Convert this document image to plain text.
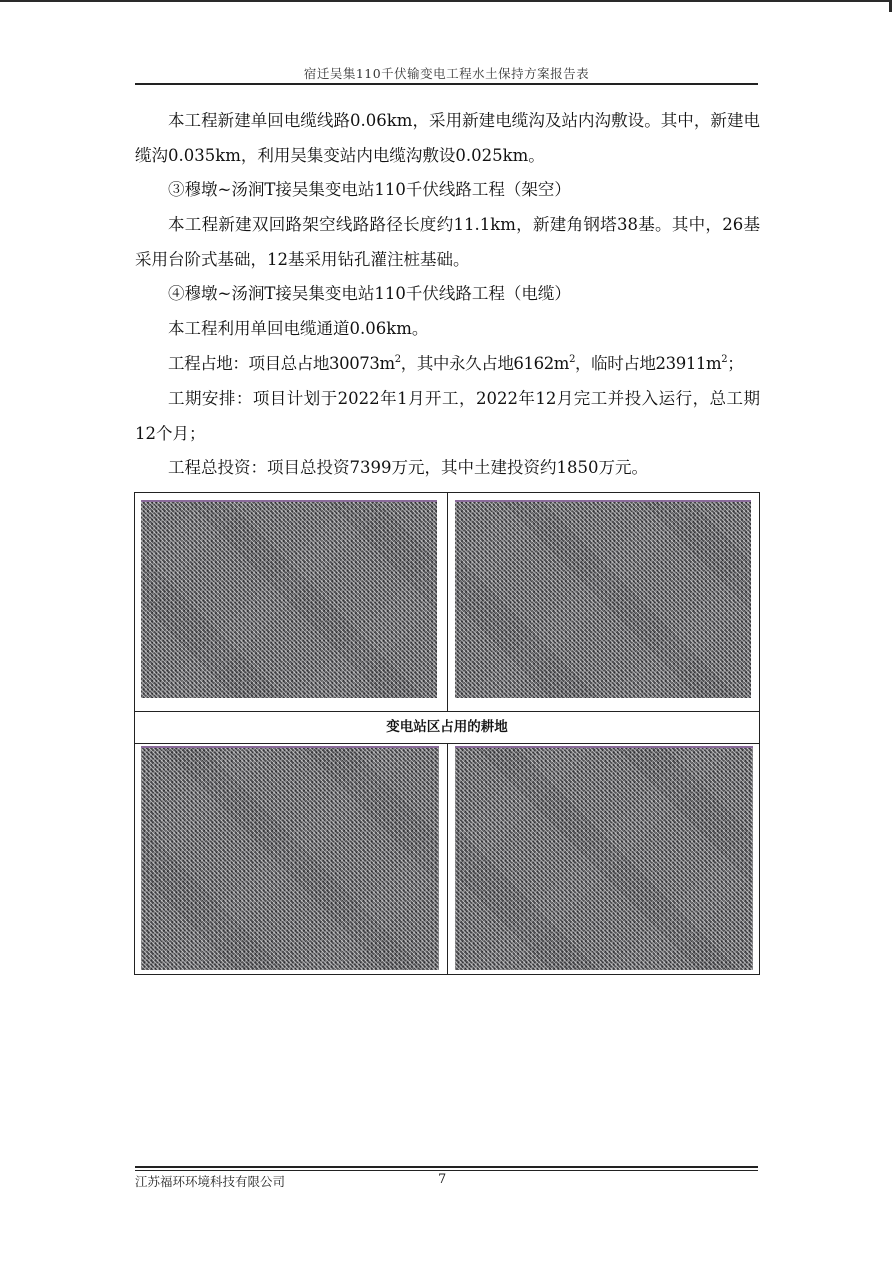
宿迁吴集110千伏输变电工程水土保持方案报告表

本工程新建单回电缆线路0.06km，采用新建电缆沟及站内沟敷设。其中，新建电缆沟0.035km，利用吴集变站内电缆沟敷设0.025km。

③穆墩~汤涧T接吴集变电站110千伏线路工程（架空）

本工程新建双回路架空线路路径长度约11.1km，新建角钢塔38基。其中，26基采用台阶式基础，12基采用钻孔灌注桩基础。

④穆墩~汤涧T接吴集变电站110千伏线路工程（电缆）

本工程利用单回电缆通道0.06km。

工程占地：项目总占地$30073m^2$，其中永久占地$6162m^2$，临时占地$23911m^2$；

工期安排：项目计划于2022年1月开工，2022年12月完工并投入运行，总工期12个月；

工程总投资：项目总投资7399万元，其中土建投资约1850万元。

变电站区占用的耕地
江苏福环环境科技有限公司	7
